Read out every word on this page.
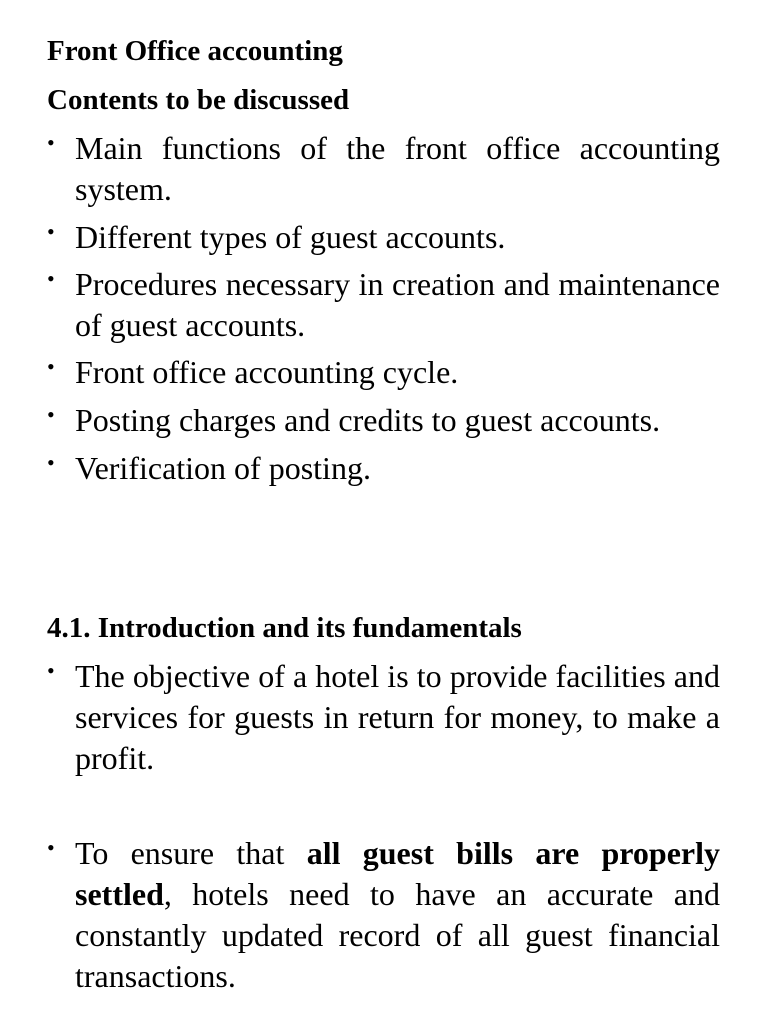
Front Office accounting
Contents to be discussed
• Main functions of the front office accounting system.
• Different types of guest accounts.
• Procedures necessary in creation and maintenance of guest accounts.
• Front office accounting cycle.
• Posting charges and credits to guest accounts.
• Verification of posting.
4.1. Introduction and its fundamentals
• The objective of a hotel is to provide facilities and services for guests in return for money, to make a profit.
• To ensure that all guest bills are properly settled, hotels need to have an accurate and constantly updated record of all guest financial transactions.
